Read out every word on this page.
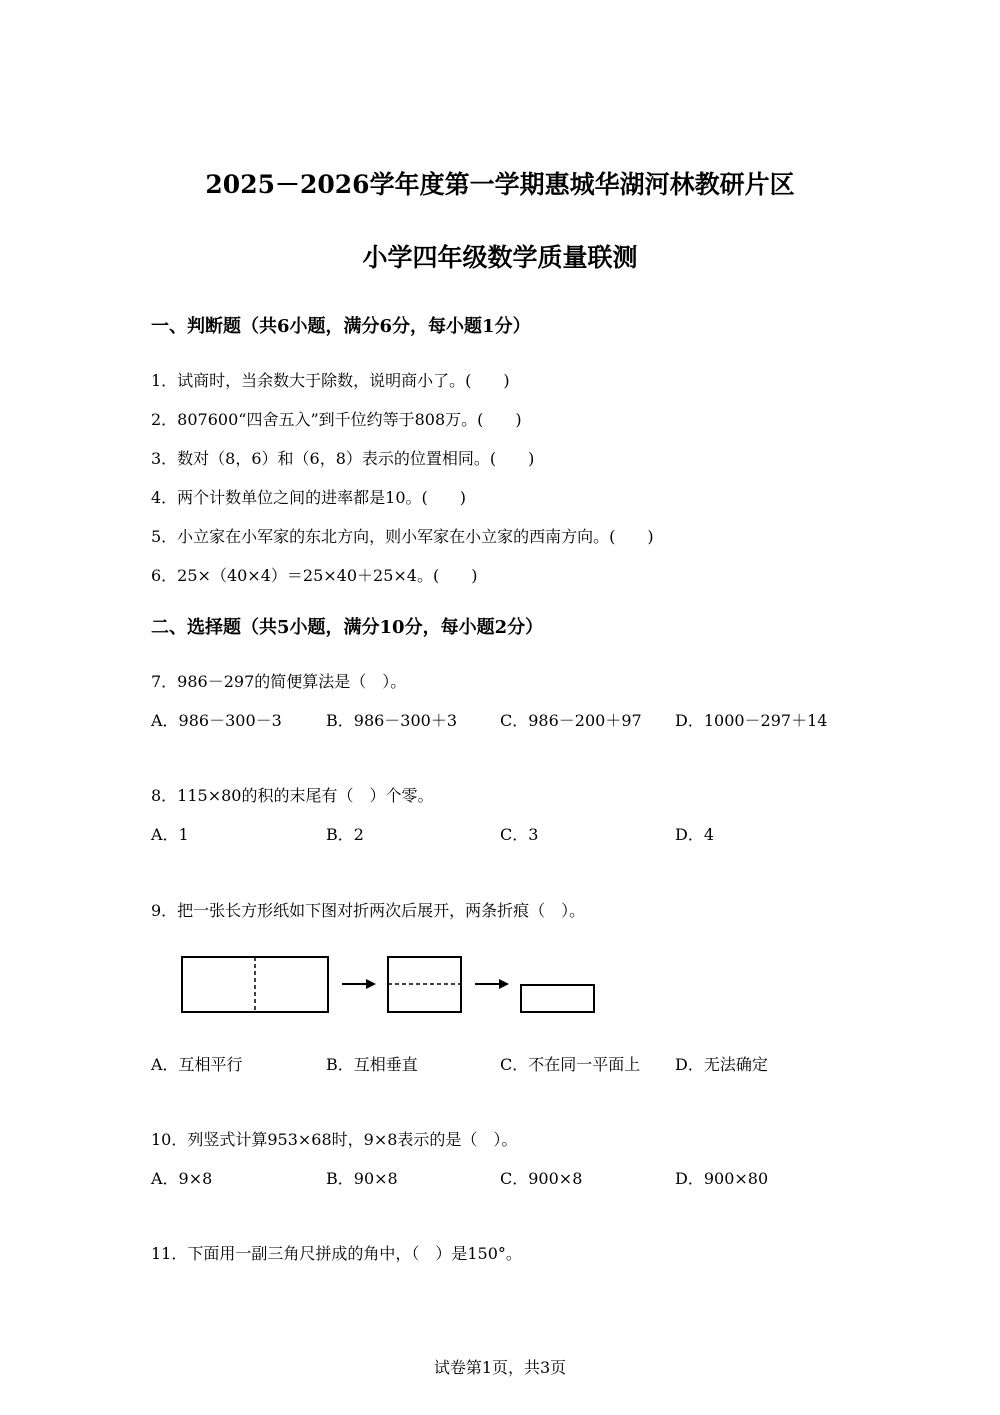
2025－2026学年度第一学期惠城华湖河林教研片区
小学四年级数学质量联测
一、判断题（共6小题，满分6分，每小题1分）
1．试商时，当余数大于除数，说明商小了。(　　)
2．807600“四舍五入”到千位约等于808万。(　　)
3．数对（8，6）和（6，8）表示的位置相同。(　　)
4．两个计数单位之间的进率都是10。(　　)
5．小立家在小军家的东北方向，则小军家在小立家的西南方向。(　　)
6．25×（40×4）＝25×40＋25×4。(　　)
二、选择题（共5小题，满分10分，每小题2分）
7．986－297的简便算法是（　）。
A．986－300－3	B．986－300＋3	C．986－200＋97 D．1000－297＋14
8．115×80的积的末尾有（　）个零。
A．1	B．2	C．3	D．4
9．把一张长方形纸如下图对折两次后展开，两条折痕（　）。
A．互相平行	B．互相垂直	C．不在同一平面上 D．无法确定
10．列竖式计算953×68时，9×8表示的是（　）。
A．9×8	B．90×8	C．900×8	D．900×80
11．下面用一副三角尺拼成的角中，（　）是150°。
试卷第1页，共3页
